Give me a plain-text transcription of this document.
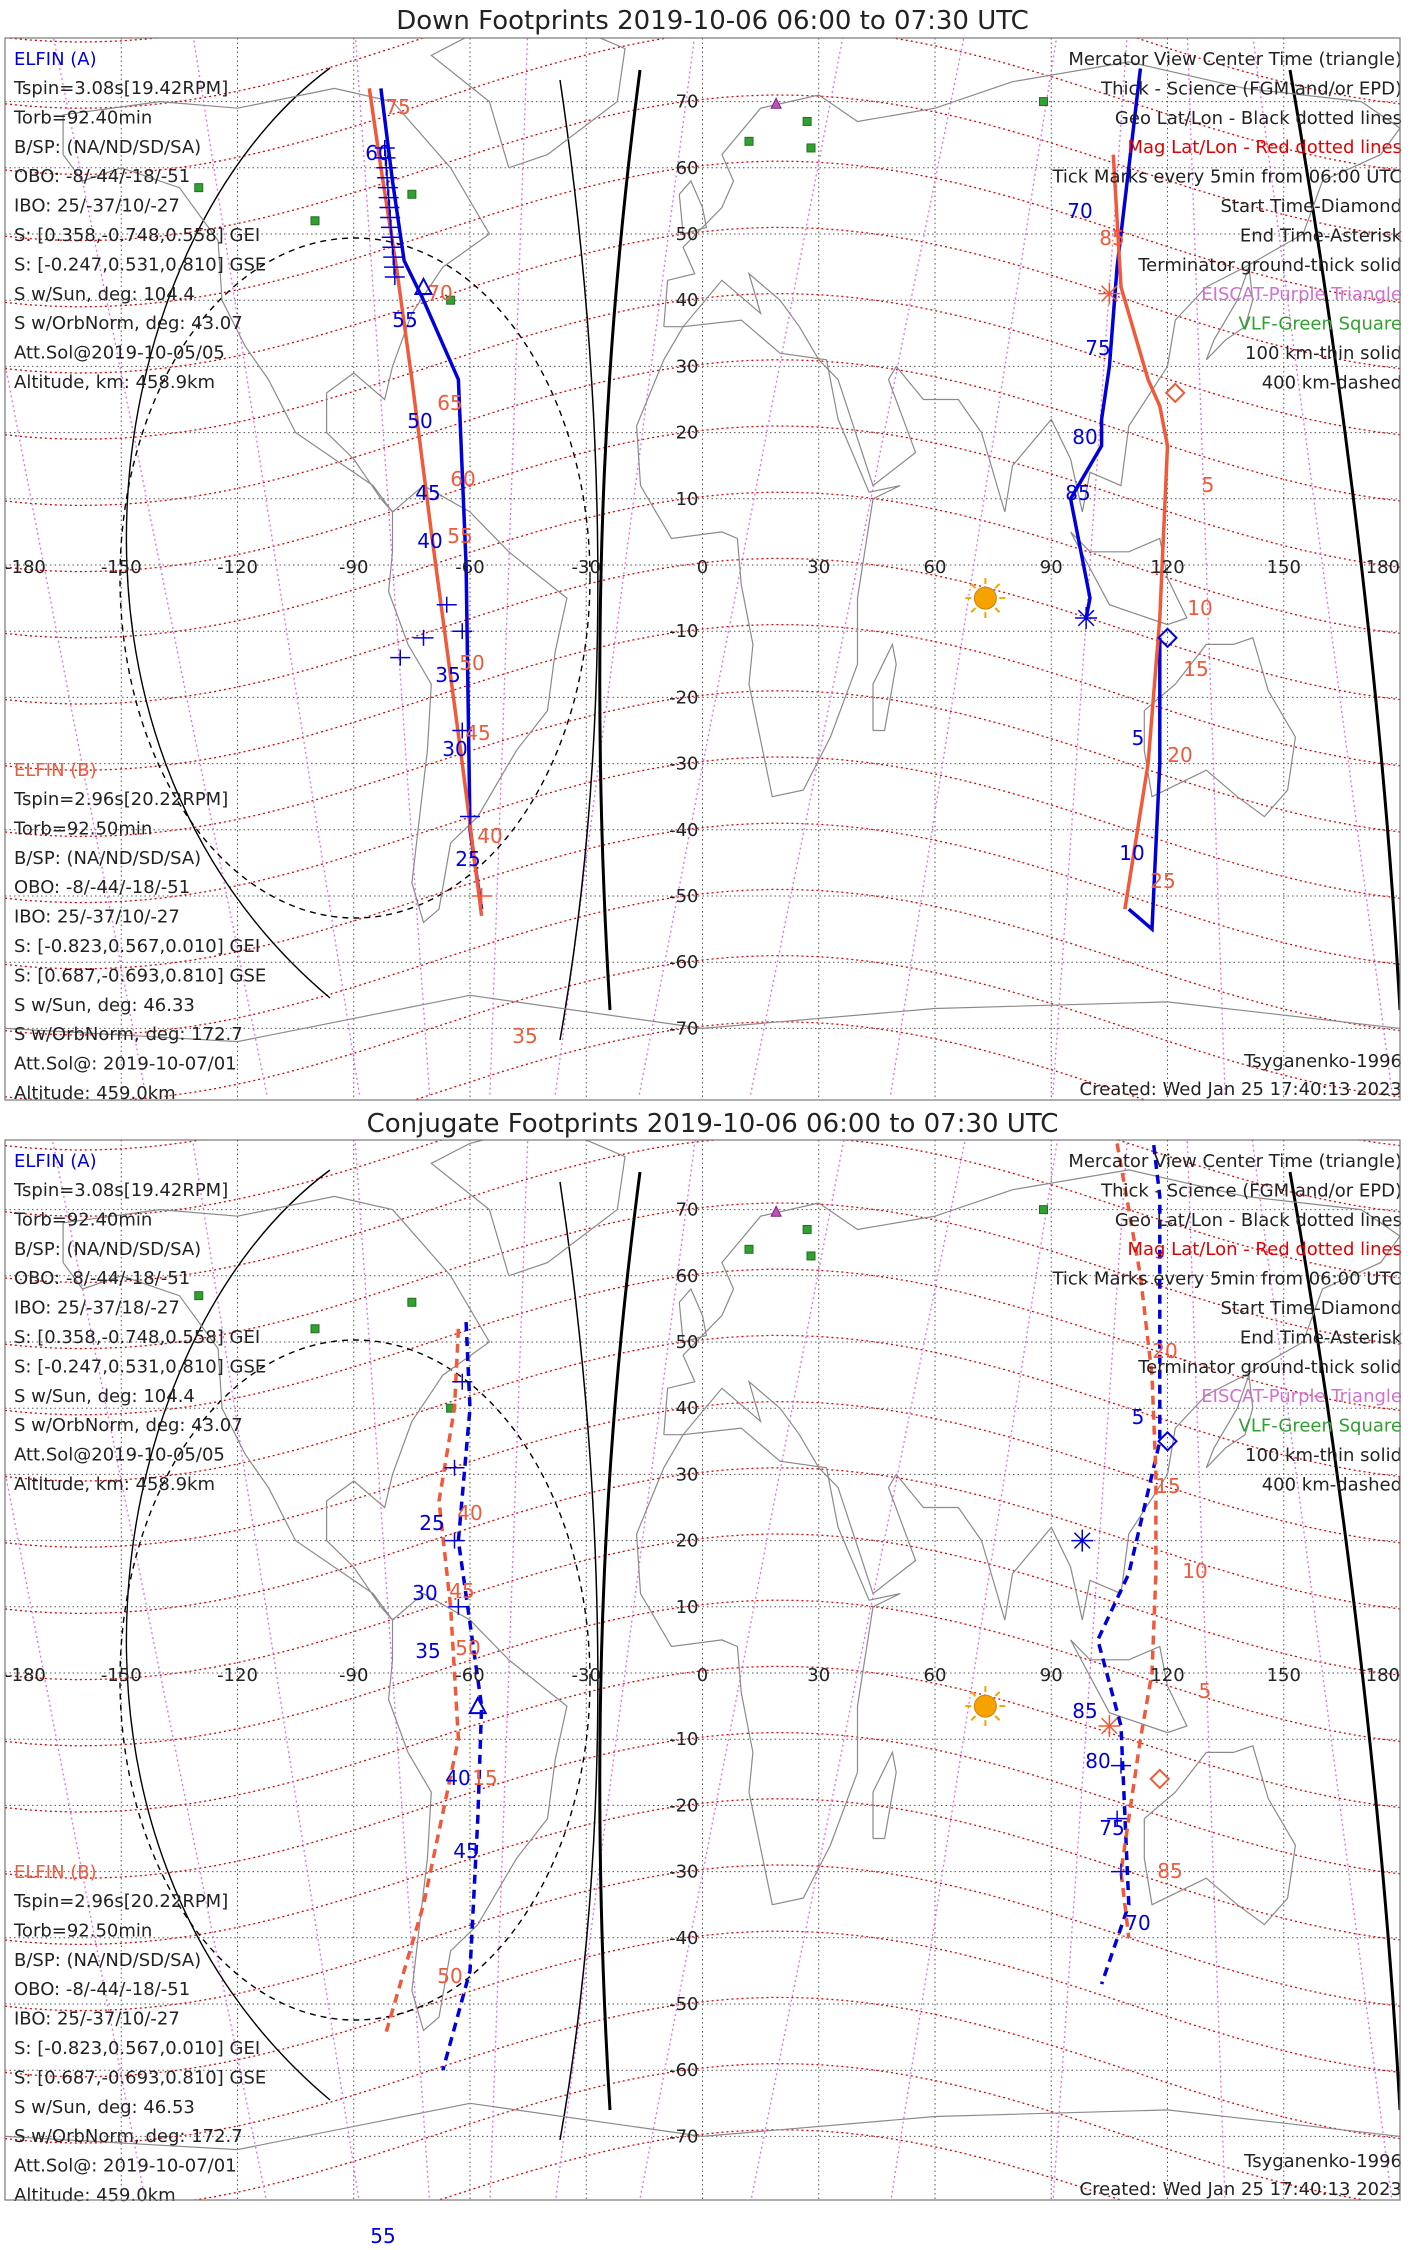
Down Footprints 2019-10-06 06:00 to 07:30 UTC
Conjugate Footprints 2019-10-06 06:00 to 07:30 UTC
-180	-150	-120	-90	-60	-30	0	30	60	90	120	150	180
70
60
50
40
30
20
10
-10
-20
-30
-40
-50
-60
-70
60
55
50
45
40
35
30
25
70
75
80
85
5
10
75
70
65
60
55
50
45
40
35
85
5
10
15
20
25
Mercator View Center Time (triangle)
Thick - Science (FGM and/or EPD)
Geo Lat/Lon - Black dotted lines
Mag Lat/Lon - Red dotted lines
Tick Marks every 5min from 06:00 UTC
Start Time-Diamond
End Time-Asterisk
Terminator ground-thick solid
EISCAT-Purple Triangle
VLF-Green Square
100 km-thin solid
400 km-dashed
ELFIN (A)
Tspin=3.08s[19.42RPM]
Torb=92.40min
B/SP: (NA/ND/SD/SA)
OBO: -8/-44/-18/-51
IBO: 25/-37/10/-27
S: [0.358,-0.748,0.558] GEI
S: [-0.247,0.531,0.810] GSE
S w/Sun, deg: 104.4
S w/OrbNorm, deg: 43.07
Att.Sol@2019-10-05/05
Altitude, km: 458.9km
ELFIN (B)
Tspin=2.96s[20.22RPM]
Torb=92.50min
B/SP: (NA/ND/SD/SA)
OBO: -8/-44/-18/-51
IBO: 25/-37/10/-27
S: [-0.823,0.567,0.010] GEI
S: [0.687,-0.693,0.810] GSE
S w/Sun, deg: 46.33
S w/OrbNorm, deg: 172.7
Att.Sol@: 2019-10-07/01
Altitude: 459.0km
Tsyganenko-1996
Created: Wed Jan 25 17:40:13 2023
-180	-150	-120	-90	-60	-30	0	30	60	90	120	150	180
70
60
50
40
30
20
10
-10
-20
-30
-40
-50
-60
-70
25
30
35
40
45
5
85
80
75
70
40
45
50
15
50
20
15
10
5
85
Mercator View Center Time (triangle)
Thick - Science (FGM and/or EPD)
Geo Lat/Lon - Black dotted lines
Mag Lat/Lon - Red dotted lines
Tick Marks every 5min from 06:00 UTC
Start Time-Diamond
End Time-Asterisk
Terminator ground-thick solid
EISCAT-Purple Triangle
VLF-Green Square
100 km-thin solid
400 km-dashed
ELFIN (A)
Tspin=3.08s[19.42RPM]
Torb=92.40min
B/SP: (NA/ND/SD/SA)
OBO: -8/-44/-18/-51
IBO: 25/-37/18/-27
S: [0.358,-0.748,0.558] GEI
S: [-0.247,0.531,0.810] GSE
S w/Sun, deg: 104.4
S w/OrbNorm, deg: 43.07
Att.Sol@2019-10-05/05
Altitude, km: 458.9km
ELFIN (B)
Tspin=2.96s[20.22RPM]
Torb=92.50min
B/SP: (NA/ND/SD/SA)
OBO: -8/-44/-18/-51
IBO: 25/-37/10/-27
S: [-0.823,0.567,0.010] GEI
S: [0.687,-0.693,0.810] GSE
S w/Sun, deg: 46.53
S w/OrbNorm, deg: 172.7
Att.Sol@: 2019-10-07/01
Altitude: 459.0km
Tsyganenko-1996
Created: Wed Jan 25 17:40:13 2023
55
